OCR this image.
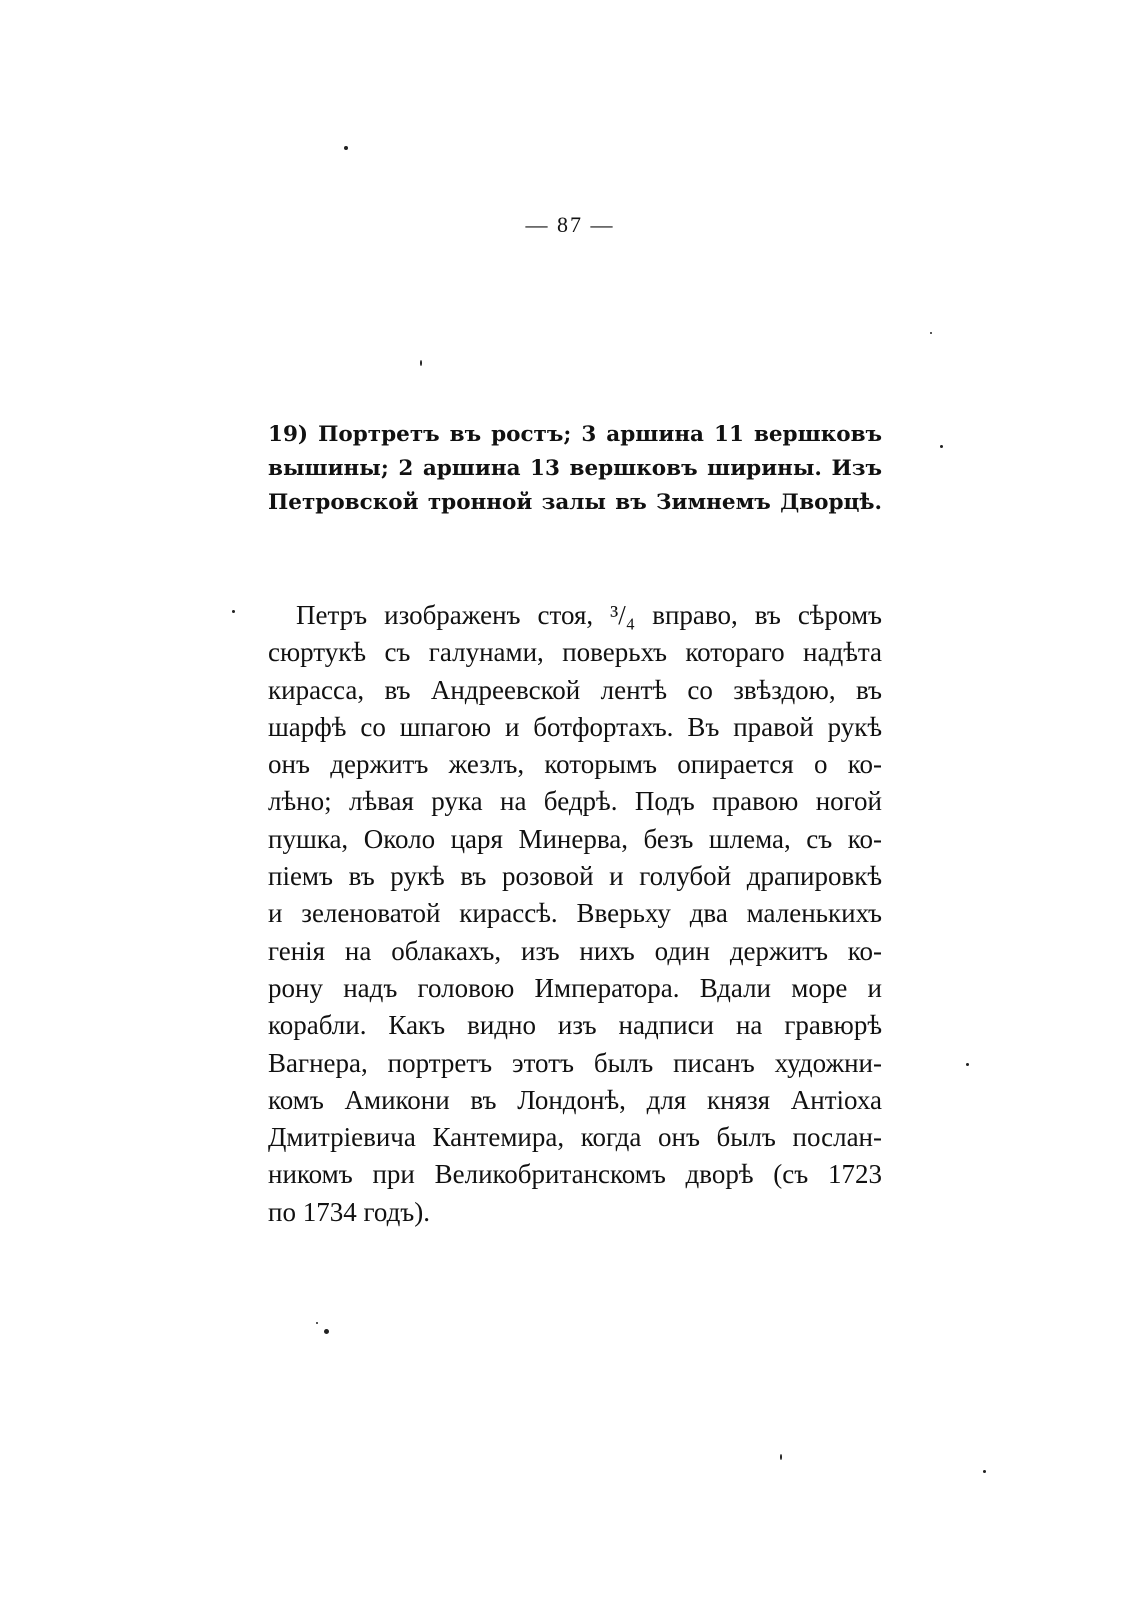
— 87 —
19) Портретъ въ ростъ; 3 аршина 11 вершковъ
вышины; 2 аршина 13 вершковъ ширины. Изъ
Петровской тронной залы въ Зимнемъ Дворцѣ.
Петръ изображенъ стоя, ³/₄ вправо, въ сѣромъ
сюртукѣ съ галунами, поверьхъ котораго надѣта
кирасса, въ Андреевской лентѣ со звѣздою, въ
шарфѣ со шпагою и ботфортахъ. Въ правой рукѣ
онъ держитъ жезлъ, которымъ опирается о ко-
лѣно; лѣвая рука на бедрѣ. Подъ правою ногой
пушка, Около царя Минерва, безъ шлема, съ ко-
піемъ въ рукѣ въ розовой и голубой драпировкѣ
и зеленоватой кирассѣ. Вверьху два маленькихъ
генія на облакахъ, изъ нихъ один держитъ ко-
рону надъ головою Императора. Вдали море и
корабли. Какъ видно изъ надписи на гравюрѣ
Вагнера, портретъ этотъ былъ писанъ художни-
комъ Амикони въ Лондонѣ, для князя Антіоха
Дмитріевича Кантемира, когда онъ былъ послан-
никомъ при Великобританскомъ дворѣ (съ 1723
по 1734 годъ).
